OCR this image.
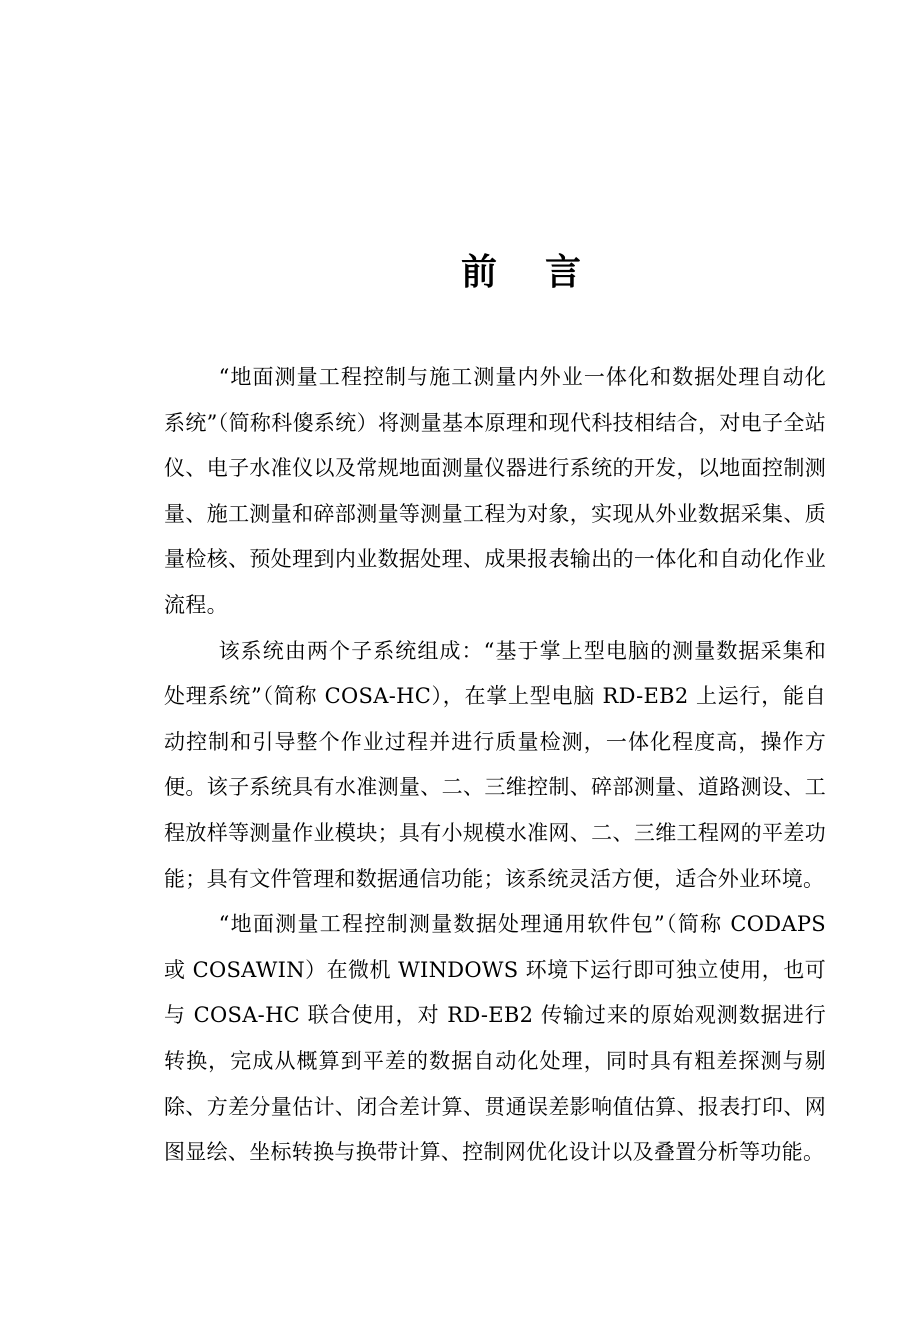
前言

“地面测量工程控制与施工测量内外业一体化和数据处理自动化系统”（简称科傻系统）将测量基本原理和现代科技相结合，对电子全站仪、电子水准仪以及常规地面测量仪器进行系统的开发，以地面控制测量、施工测量和碎部测量等测量工程为对象，实现从外业数据采集、质量检核、预处理到内业数据处理、成果报表输出的一体化和自动化作业流程。

该系统由两个子系统组成：“基于掌上型电脑的测量数据采集和处理系统”（简称 COSA-HC），在掌上型电脑 RD-EB2 上运行，能自动控制和引导整个作业过程并进行质量检测，一体化程度高，操作方便。该子系统具有水准测量、二、三维控制、碎部测量、道路测设、工程放样等测量作业模块；具有小规模水准网、二、三维工程网的平差功能；具有文件管理和数据通信功能；该系统灵活方便，适合外业环境。

“地面测量工程控制测量数据处理通用软件包”（简称 CODAPS 或 COSAWIN）在微机 WINDOWS 环境下运行即可独立使用，也可与 COSA-HC 联合使用，对 RD-EB2 传输过来的原始观测数据进行转换，完成从概算到平差的数据自动化处理，同时具有粗差探测与剔除、方差分量估计、闭合差计算、贯通误差影响值估算、报表打印、网图显绘、坐标转换与换带计算、控制网优化设计以及叠置分析等功能。
